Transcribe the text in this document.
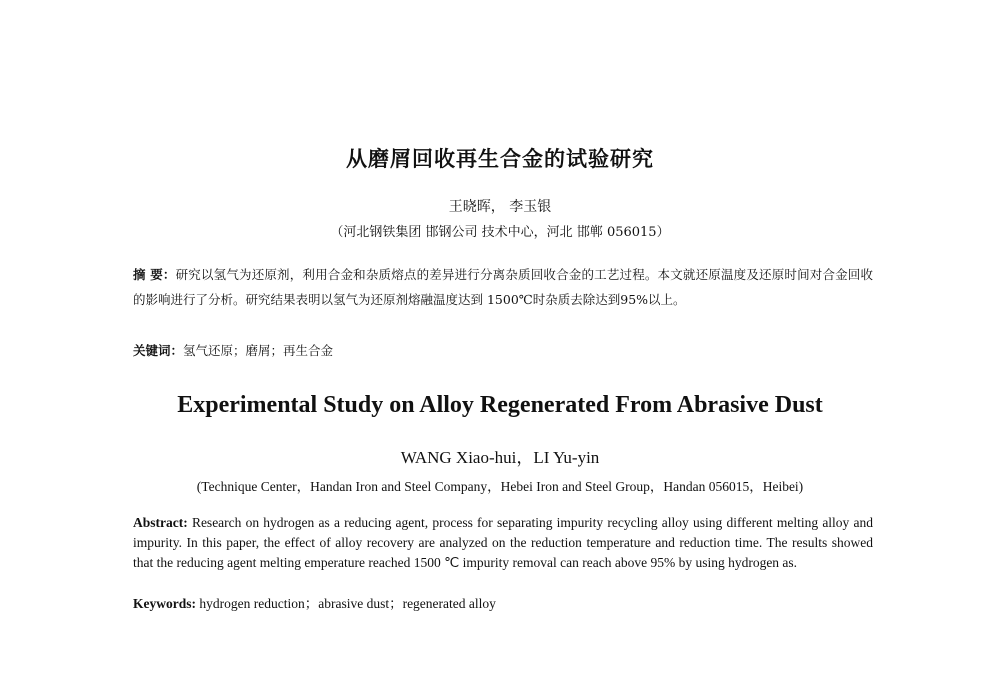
从磨屑回收再生合金的试验研究
王晓晖， 李玉银
（河北钢铁集团 邯钢公司 技术中心，河北 邯郸 056015）
摘 要：研究以氢气为还原剂，利用合金和杂质熔点的差异进行分离杂质回收合金的工艺过程。本文就还原温度及还原时间对合金回收的影响进行了分析。研究结果表明以氢气为还原剂熔融温度达到 1500℃时杂质去除达到95%以上。
关键词：氢气还原；磨屑；再生合金
Experimental Study on Alloy Regenerated From Abrasive Dust
WANG Xiao-hui，LI Yu-yin
(Technique Center，Handan Iron and Steel Company，Hebei Iron and Steel Group，Handan 056015，Heibei)
Abstract: Research on hydrogen as a reducing agent, process for separating impurity recycling alloy using different melting alloy and impurity. In this paper, the effect of alloy recovery are analyzed on the reduction temperature and reduction time. The results showed that the reducing agent melting emperature reached 1500 ℃ impurity removal can reach above 95% by using hydrogen as.
Keywords: hydrogen reduction；abrasive dust；regenerated alloy
